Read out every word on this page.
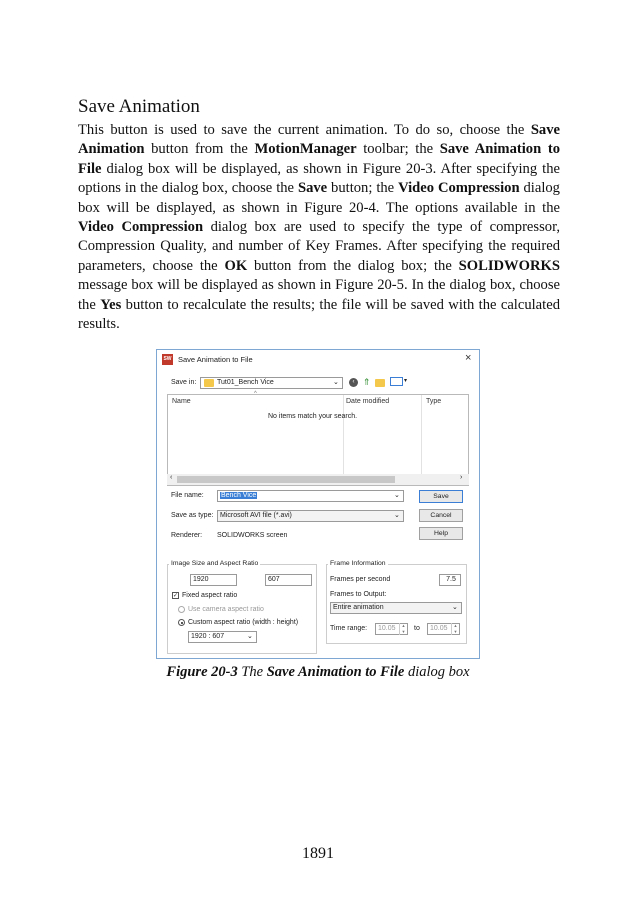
Save Animation
This button is used to save the current animation. To do so, choose the Save Animation button from the MotionManager toolbar; the Save Animation to File dialog box will be displayed, as shown in Figure 20-3. After specifying the options in the dialog box, choose the Save button; the Video Compression dialog box will be displayed, as shown in Figure 20-4. The options available in the Video Compression dialog box are used to specify the type of compressor, Compression Quality, and number of Key Frames. After specifying the required parameters, choose the OK button from the dialog box; the SOLIDWORKS message box will be displayed as shown in Figure 20-5. In the dialog box, choose the Yes button to recalculate the results; the file will be saved with the calculated results.
SW Save Animation to File	×
Save in:	Tut01_Bench Vice	⌄	‹ ⇑	▾
Name
^
Date modified	Type
No items match your search.
‹	›
File name:	Bench Vice	⌄
Save as type: Microsoft AVI file (*.avi)	⌄
Renderer: SOLIDWORKS screen
Save
Cancel
Help
Image Size and Aspect Ratio
1920	607
✓ Fixed aspect ratio
Use camera aspect ratio
Custom aspect ratio (width : height)
1920 : 607	⌄
Frame Information
Frames per second	7.5
Frames to Output:
Entire animation	⌄
Time range:	10.05	▲
▼ to	10.05	▲
▼
Figure 20-3 The Save Animation to File dialog box
1891
